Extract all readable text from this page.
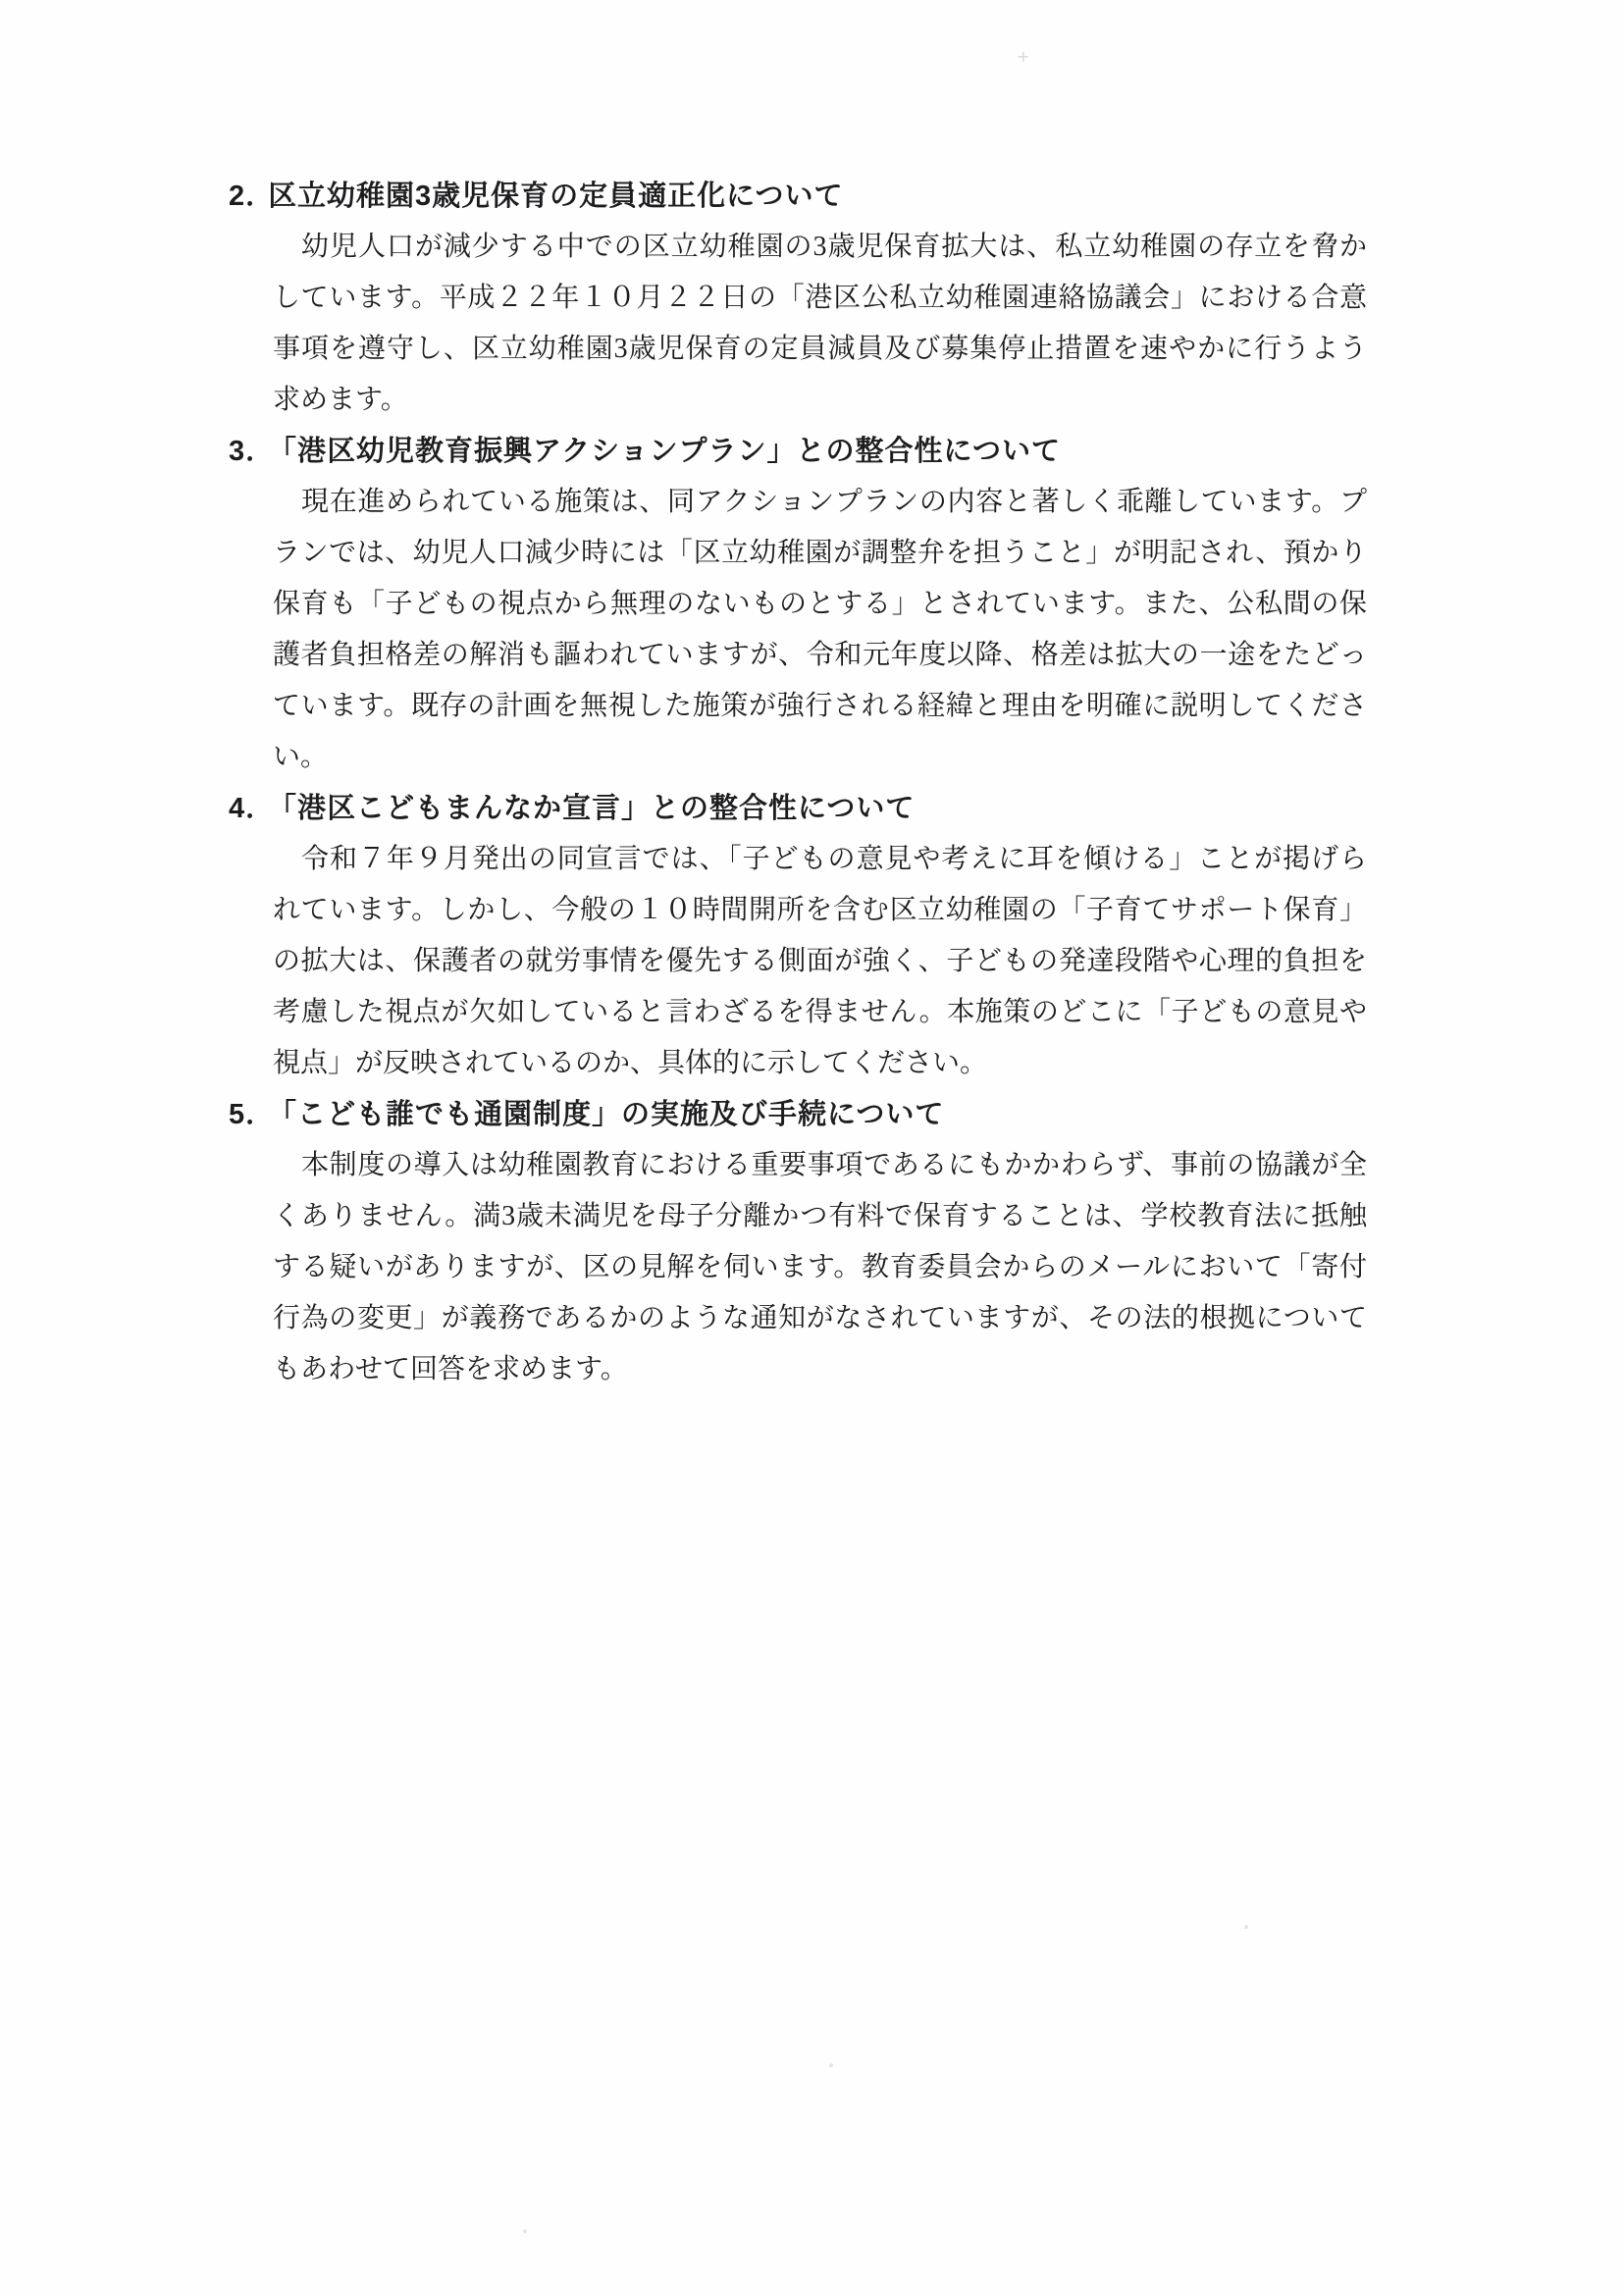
+
2．区立幼稚園3歳児保育の定員適正化について
幼児人口が減少する中での区立幼稚園の3歳児保育拡大は、私立幼稚園の存立を脅か
しています。平成２２年１０月２２日の「港区公私立幼稚園連絡協議会」における合意
事項を遵守し、区立幼稚園3歳児保育の定員減員及び募集停止措置を速やかに行うよう
求めます。
3．「港区幼児教育振興アクションプラン」との整合性について
現在進められている施策は、同アクションプランの内容と著しく乖離しています。プ
ランでは、幼児人口減少時には「区立幼稚園が調整弁を担うこと」が明記され、預かり
保育も「子どもの視点から無理のないものとする」とされています。また、公私間の保
護者負担格差の解消も謳われていますが、令和元年度以降、格差は拡大の一途をたどっ
ています。既存の計画を無視した施策が強行される経緯と理由を明確に説明してくださ
い。
4．「港区こどもまんなか宣言」との整合性について
令和７年９月発出の同宣言では、「子どもの意見や考えに耳を傾ける」ことが掲げら
れています。しかし、今般の１０時間開所を含む区立幼稚園の「子育てサポート保育」
の拡大は、保護者の就労事情を優先する側面が強く、子どもの発達段階や心理的負担を
考慮した視点が欠如していると言わざるを得ません。本施策のどこに「子どもの意見や
視点」が反映されているのか、具体的に示してください。
5．「こども誰でも通園制度」の実施及び手続について
本制度の導入は幼稚園教育における重要事項であるにもかかわらず、事前の協議が全
くありません。満3歳未満児を母子分離かつ有料で保育することは、学校教育法に抵触
する疑いがありますが、区の見解を伺います。教育委員会からのメールにおいて「寄付
行為の変更」が義務であるかのような通知がなされていますが、その法的根拠について
もあわせて回答を求めます。
